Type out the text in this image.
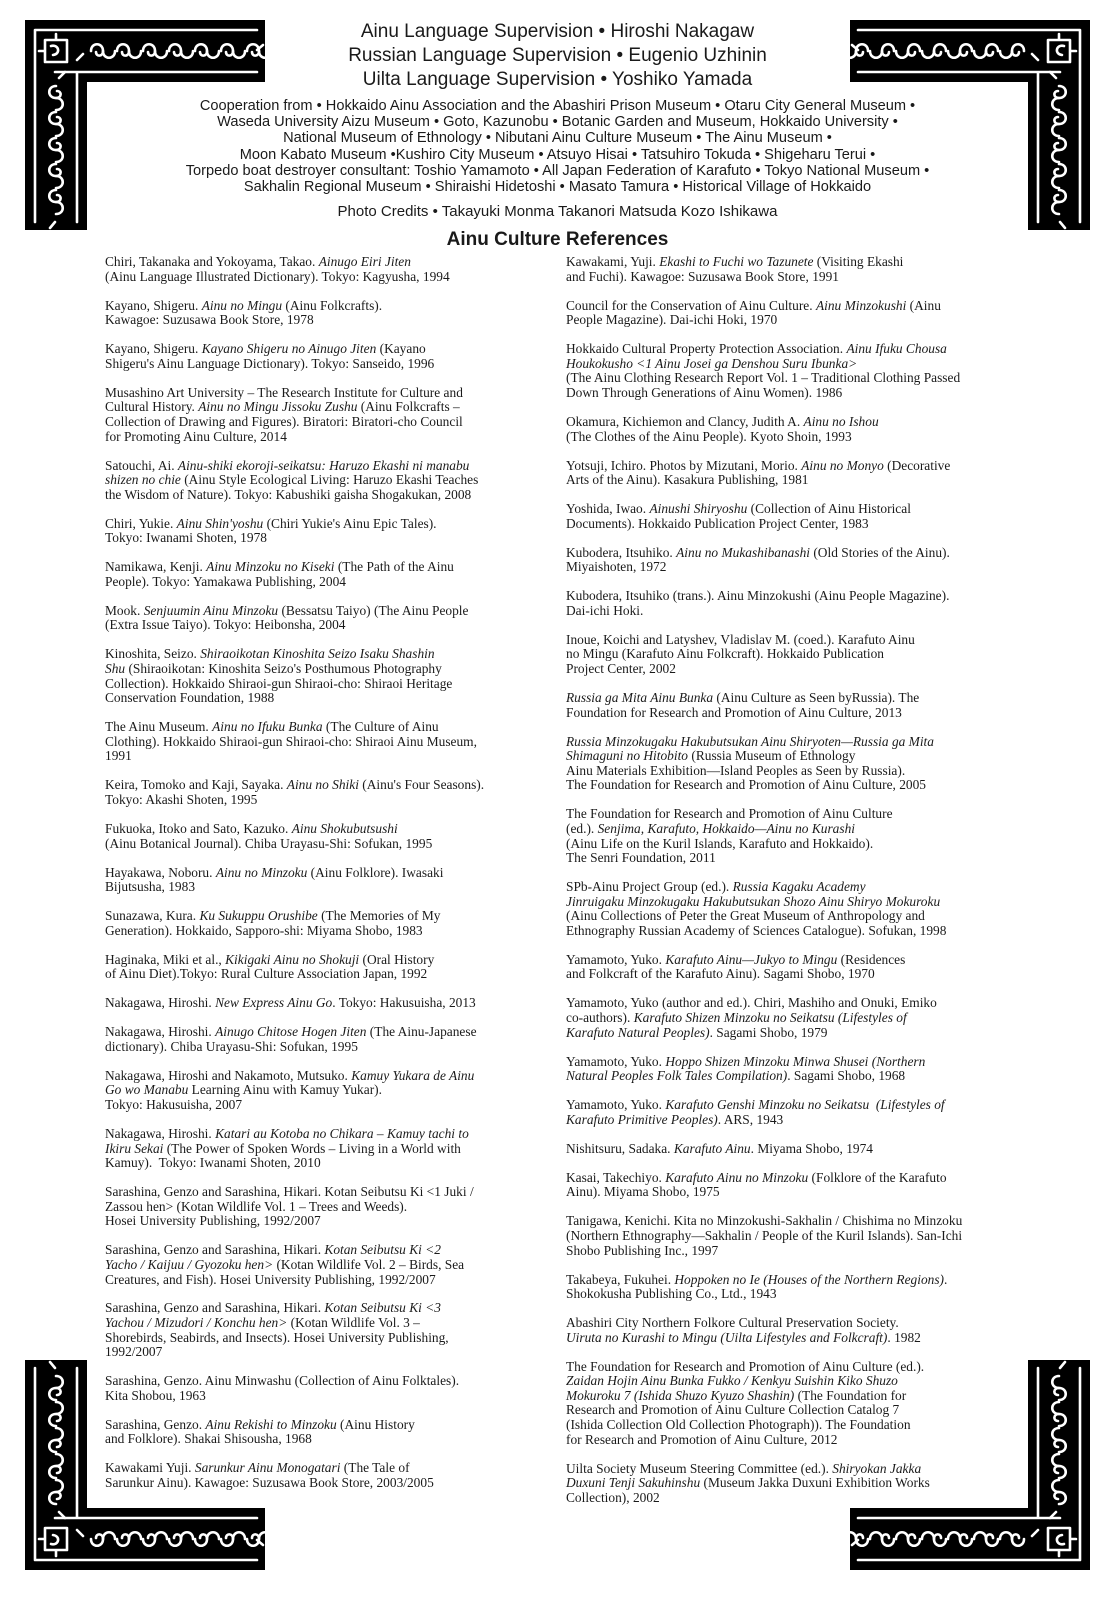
Ainu Language Supervision • Hiroshi Nakagaw

Russian Language Supervision • Eugenio Uzhinin

Uilta Language Supervision • Yoshiko Yamada

Cooperation from • Hokkaido Ainu Association and the Abashiri Prison Museum • Otaru City General Museum •

Waseda University Aizu Museum • Goto, Kazunobu • Botanic Garden and Museum, Hokkaido University •

National Museum of Ethnology • Nibutani Ainu Culture Museum • The Ainu Museum •

Moon Kabato Museum •Kushiro City Museum • Atsuyo Hisai • Tatsuhiro Tokuda • Shigeharu Terui •

Torpedo boat destroyer consultant: Toshio Yamamoto • All Japan Federation of Karafuto • Tokyo National Museum •

Sakhalin Regional Museum • Shiraishi Hidetoshi • Masato Tamura • Historical Village of Hokkaido

Photo Credits • Takayuki Monma Takanori Matsuda Kozo Ishikawa

Ainu Culture References

Chiri, Takanaka and Yokoyama, Takao. Ainugo Eiri Jiten
(Ainu Language Illustrated Dictionary). Tokyo: Kagyusha, 1994

Kayano, Shigeru. Ainu no Mingu (Ainu Folkcrafts).
Kawagoe: Suzusawa Book Store, 1978

Kayano, Shigeru. Kayano Shigeru no Ainugo Jiten (Kayano
Shigeru's Ainu Language Dictionary). Tokyo: Sanseido, 1996

Musashino Art University – The Research Institute for Culture and
Cultural History. Ainu no Mingu Jissoku Zushu (Ainu Folkcrafts –
Collection of Drawing and Figures). Biratori: Biratori-cho Council
for Promoting Ainu Culture, 2014

Satouchi, Ai. Ainu-shiki ekoroji-seikatsu: Haruzo Ekashi ni manabu
shizen no chie (Ainu Style Ecological Living: Haruzo Ekashi Teaches
the Wisdom of Nature). Tokyo: Kabushiki gaisha Shogakukan, 2008

Chiri, Yukie. Ainu Shin'yoshu (Chiri Yukie's Ainu Epic Tales).
Tokyo: Iwanami Shoten, 1978

Namikawa, Kenji. Ainu Minzoku no Kiseki (The Path of the Ainu
People). Tokyo: Yamakawa Publishing, 2004

Mook. Senjuumin Ainu Minzoku (Bessatsu Taiyo) (The Ainu People
(Extra Issue Taiyo). Tokyo: Heibonsha, 2004

Kinoshita, Seizo. Shiraoikotan Kinoshita Seizo Isaku Shashin
Shu (Shiraoikotan: Kinoshita Seizo's Posthumous Photography
Collection). Hokkaido Shiraoi-gun Shiraoi-cho: Shiraoi Heritage
Conservation Foundation, 1988

The Ainu Museum. Ainu no Ifuku Bunka (The Culture of Ainu
Clothing). Hokkaido Shiraoi-gun Shiraoi-cho: Shiraoi Ainu Museum,
1991

Keira, Tomoko and Kaji, Sayaka. Ainu no Shiki (Ainu's Four Seasons).
Tokyo: Akashi Shoten, 1995

Fukuoka, Itoko and Sato, Kazuko. Ainu Shokubutsushi
(Ainu Botanical Journal). Chiba Urayasu-Shi: Sofukan, 1995

Hayakawa, Noboru. Ainu no Minzoku (Ainu Folklore). Iwasaki
Bijutsusha, 1983

Sunazawa, Kura. Ku Sukuppu Orushibe (The Memories of My
Generation). Hokkaido, Sapporo-shi: Miyama Shobo, 1983

Haginaka, Miki et al., Kikigaki Ainu no Shokuji (Oral History
of Ainu Diet).Tokyo: Rural Culture Association Japan, 1992

Nakagawa, Hiroshi. New Express Ainu Go. Tokyo: Hakusuisha, 2013

Nakagawa, Hiroshi. Ainugo Chitose Hogen Jiten (The Ainu-Japanese
dictionary). Chiba Urayasu-Shi: Sofukan, 1995

Nakagawa, Hiroshi and Nakamoto, Mutsuko. Kamuy Yukara de Ainu
Go wo Manabu Learning Ainu with Kamuy Yukar).
Tokyo: Hakusuisha, 2007

Nakagawa, Hiroshi. Katari au Kotoba no Chikara – Kamuy tachi to
Ikiru Sekai (The Power of Spoken Words – Living in a World with
Kamuy).  Tokyo: Iwanami Shoten, 2010

Sarashina, Genzo and Sarashina, Hikari. Kotan Seibutsu Ki <1 Juki /
Zassou hen> (Kotan Wildlife Vol. 1 – Trees and Weeds).
Hosei University Publishing, 1992/2007

Sarashina, Genzo and Sarashina, Hikari. Kotan Seibutsu Ki <2
Yacho / Kaijuu / Gyozoku hen> (Kotan Wildlife Vol. 2 – Birds, Sea
Creatures, and Fish). Hosei University Publishing, 1992/2007

Sarashina, Genzo and Sarashina, Hikari. Kotan Seibutsu Ki <3
Yachou / Mizudori / Konchu hen> (Kotan Wildlife Vol. 3 –
Shorebirds, Seabirds, and Insects). Hosei University Publishing,
1992/2007

Sarashina, Genzo. Ainu Minwashu (Collection of Ainu Folktales).
Kita Shobou, 1963

Sarashina, Genzo. Ainu Rekishi to Minzoku (Ainu History
and Folklore). Shakai Shisousha, 1968

Kawakami Yuji. Sarunkur Ainu Monogatari (The Tale of
Sarunkur Ainu). Kawagoe: Suzusawa Book Store, 2003/2005

Kawakami, Yuji. Ekashi to Fuchi wo Tazunete (Visiting Ekashi
and Fuchi). Kawagoe: Suzusawa Book Store, 1991

Council for the Conservation of Ainu Culture. Ainu Minzokushi (Ainu
People Magazine). Dai-ichi Hoki, 1970

Hokkaido Cultural Property Protection Association. Ainu Ifuku Chousa
Houkokusho <1 Ainu Josei ga Denshou Suru Ibunka>
(The Ainu Clothing Research Report Vol. 1 – Traditional Clothing Passed
Down Through Generations of Ainu Women). 1986

Okamura, Kichiemon and Clancy, Judith A. Ainu no Ishou
(The Clothes of the Ainu People). Kyoto Shoin, 1993

Yotsuji, Ichiro. Photos by Mizutani, Morio. Ainu no Monyo (Decorative
Arts of the Ainu). Kasakura Publishing, 1981

Yoshida, Iwao. Ainushi Shiryoshu (Collection of Ainu Historical
Documents). Hokkaido Publication Project Center, 1983

Kubodera, Itsuhiko. Ainu no Mukashibanashi (Old Stories of the Ainu).
Miyaishoten, 1972

Kubodera, Itsuhiko (trans.). Ainu Minzokushi (Ainu People Magazine).
Dai-ichi Hoki.

Inoue, Koichi and Latyshev, Vladislav M. (coed.). Karafuto Ainu
no Mingu (Karafuto Ainu Folkcraft). Hokkaido Publication
Project Center, 2002

Russia ga Mita Ainu Bunka (Ainu Culture as Seen byRussia). The
Foundation for Research and Promotion of Ainu Culture, 2013

Russia Minzokugaku Hakubutsukan Ainu Shiryoten—Russia ga Mita
Shimaguni no Hitobito (Russia Museum of Ethnology
Ainu Materials Exhibition—Island Peoples as Seen by Russia).
The Foundation for Research and Promotion of Ainu Culture, 2005

The Foundation for Research and Promotion of Ainu Culture
(ed.). Senjima, Karafuto, Hokkaido—Ainu no Kurashi
(Ainu Life on the Kuril Islands, Karafuto and Hokkaido).
The Senri Foundation, 2011

SPb-Ainu Project Group (ed.). Russia Kagaku Academy
Jinruigaku Minzokugaku Hakubutsukan Shozo Ainu Shiryo Mokuroku
(Ainu Collections of Peter the Great Museum of Anthropology and
Ethnography Russian Academy of Sciences Catalogue). Sofukan, 1998

Yamamoto, Yuko. Karafuto Ainu—Jukyo to Mingu (Residences
and Folkcraft of the Karafuto Ainu). Sagami Shobo, 1970

Yamamoto, Yuko (author and ed.). Chiri, Mashiho and Onuki, Emiko
co-authors). Karafuto Shizen Minzoku no Seikatsu (Lifestyles of
Karafuto Natural Peoples). Sagami Shobo, 1979

Yamamoto, Yuko. Hoppo Shizen Minzoku Minwa Shusei (Northern
Natural Peoples Folk Tales Compilation). Sagami Shobo, 1968

Yamamoto, Yuko. Karafuto Genshi Minzoku no Seikatsu  (Lifestyles of
Karafuto Primitive Peoples). ARS, 1943

Nishitsuru, Sadaka. Karafuto Ainu. Miyama Shobo, 1974

Kasai, Takechiyo. Karafuto Ainu no Minzoku (Folklore of the Karafuto
Ainu). Miyama Shobo, 1975

Tanigawa, Kenichi. Kita no Minzokushi-Sakhalin / Chishima no Minzoku
(Northern Ethnography—Sakhalin / People of the Kuril Islands). San-Ichi
Shobo Publishing Inc., 1997

Takabeya, Fukuhei. Hoppoken no Ie (Houses of the Northern Regions).
Shokokusha Publishing Co., Ltd., 1943

Abashiri City Northern Folkore Cultural Preservation Society.
Uiruta no Kurashi to Mingu (Uilta Lifestyles and Folkcraft). 1982

The Foundation for Research and Promotion of Ainu Culture (ed.).
Zaidan Hojin Ainu Bunka Fukko / Kenkyu Suishin Kiko Shuzo
Mokuroku 7 (Ishida Shuzo Kyuzo Shashin) (The Foundation for
Research and Promotion of Ainu Culture Collection Catalog 7
(Ishida Collection Old Collection Photograph)). The Foundation
for Research and Promotion of Ainu Culture, 2012

Uilta Society Museum Steering Committee (ed.). Shiryokan Jakka
Duxuni Tenji Sakuhinshu (Museum Jakka Duxuni Exhibition Works
Collection), 2002
